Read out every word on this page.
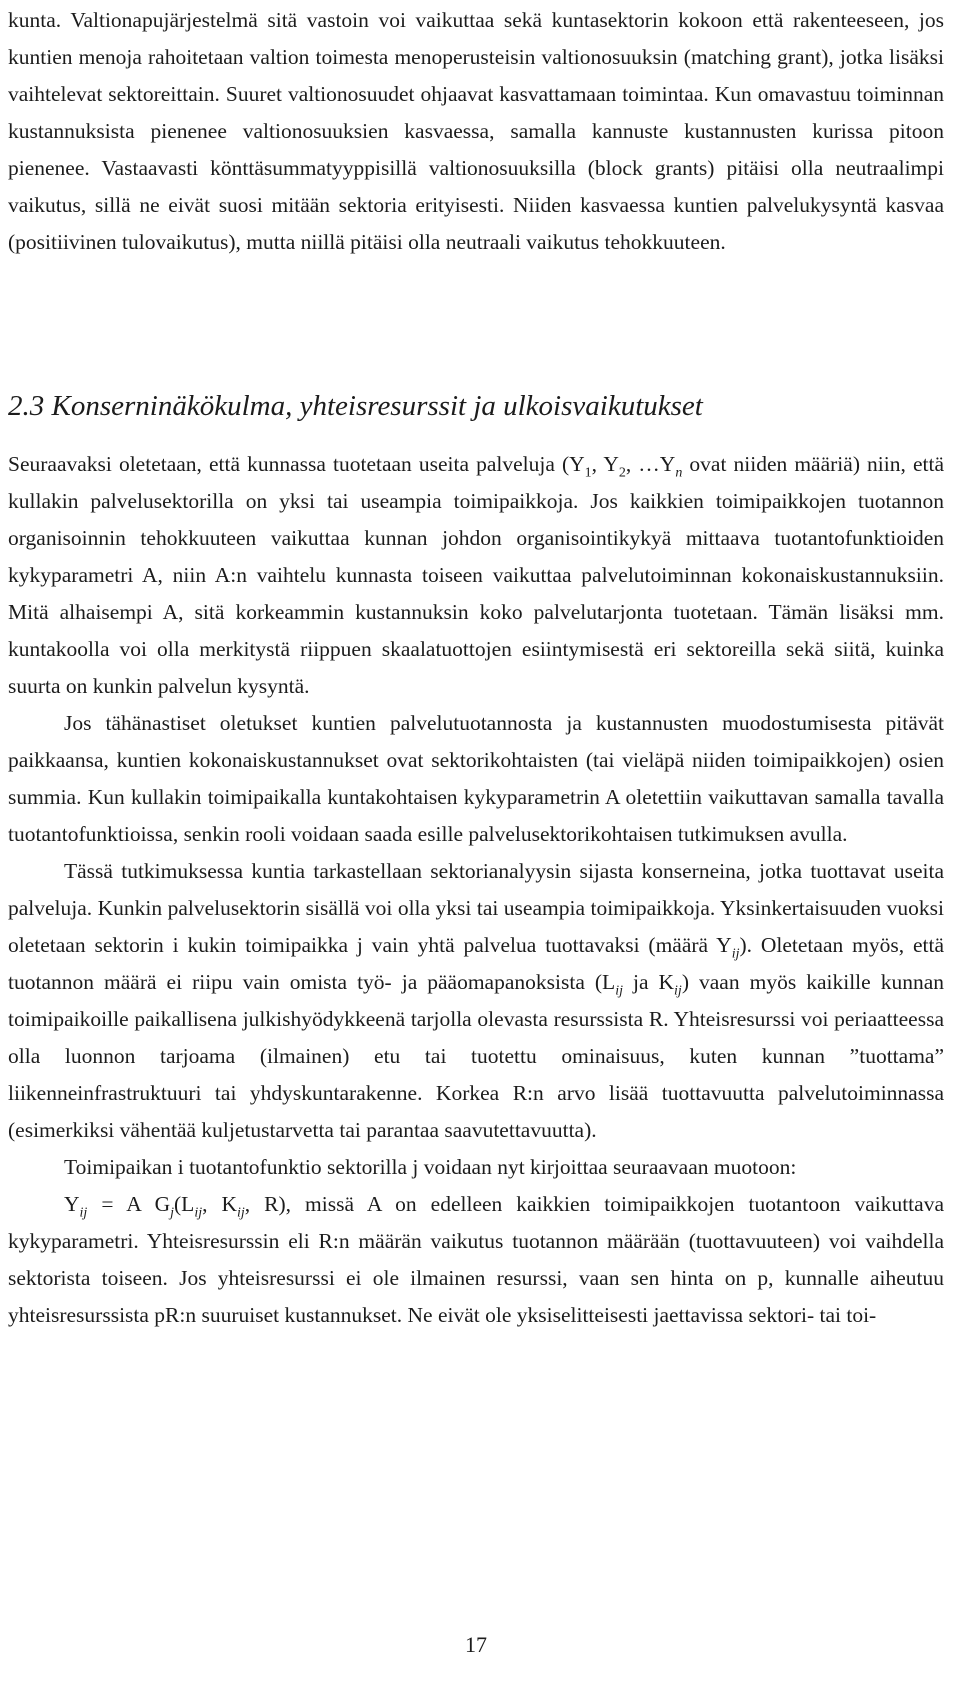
kunta. Valtionapujärjestelmä sitä vastoin voi vaikuttaa sekä kuntasektorin kokoon että rakenteeseen, jos kuntien menoja rahoitetaan valtion toimesta menoperusteisin valtionosuuksin (matching grant), jotka lisäksi vaihtelevat sektoreittain. Suuret valtionosuudet ohjaavat kasvattamaan toimintaa. Kun omavastuu toiminnan kustannuksista pienenee valtionosuuksien kasvaessa, samalla kannuste kustannusten kurissa pitoon pienenee. Vastaavasti könttäsummatyyppisillä valtionosuuksilla (block grants) pitäisi olla neutraalimpi vaikutus, sillä ne eivät suosi mitään sektoria erityisesti. Niiden kasvaessa kuntien palvelukysyntä kasvaa (positiivinen tulovaikutus), mutta niillä pitäisi olla neutraali vaikutus tehokkuuteen.

2.3 Konserninäkökulma, yhteisresurssit ja ulkoisvaikutukset

Seuraavaksi oletetaan, että kunnassa tuotetaan useita palveluja ($Y_1$, $Y_2$, $\dots Y_n$ ovat niiden määriä) niin, että kullakin palvelusektorilla on yksi tai useampia toimipaikkoja. Jos kaikkien toimipaikkojen tuotannon organisoinnin tehokkuuteen vaikuttaa kunnan johdon organisointikykyä mittaava tuotantofunktioiden kykyparametri A, niin A:n vaihtelu kunnasta toiseen vaikuttaa palvelutoiminnan kokonaiskustannuksiin. Mitä alhaisempi A, sitä korkeammin kustannuksin koko palvelutarjonta tuotetaan. Tämän lisäksi mm. kuntakoolla voi olla merkitystä riippuen skaalatuottojen esiintymisestä eri sektoreilla sekä siitä, kuinka suurta on kunkin palvelun kysyntä.

Jos tähänastiset oletukset kuntien palvelutuotannosta ja kustannusten muodostumisesta pitävät paikkaansa, kuntien kokonaiskustannukset ovat sektorikohtaisten (tai vieläpä niiden toimipaikkojen) osien summia. Kun kullakin toimipaikalla kuntakohtaisen kykyparametrin A oletettiin vaikuttavan samalla tavalla tuotantofunktioissa, senkin rooli voidaan saada esille palvelusektorikohtaisen tutkimuksen avulla.

Tässä tutkimuksessa kuntia tarkastellaan sektorianalyysin sijasta konserneina, jotka tuottavat useita palveluja. Kunkin palvelusektorin sisällä voi olla yksi tai useampia toimipaikkoja. Yksinkertaisuuden vuoksi oletetaan sektorin i kukin toimipaikka j vain yhtä palvelua tuottavaksi (määrä $Y_{ij}$). Oletetaan myös, että tuotannon määrä ei riipu vain omista työ- ja pääomapanoksista ($L_{ij}$ ja $K_{ij}$) vaan myös kaikille kunnan toimipaikoille paikallisena julkishyödykkeenä tarjolla olevasta resurssista R. Yhteisresurssi voi periaatteessa olla luonnon tarjoama (ilmainen) etu tai tuotettu ominaisuus, kuten kunnan ”tuottama” liikenneinfrastruktuuri tai yhdyskuntarakenne. Korkea R:n arvo lisää tuottavuutta palvelutoiminnassa (esimerkiksi vähentää kuljetustarvetta tai parantaa saavutettavuutta).

Toimipaikan i tuotantofunktio sektorilla j voidaan nyt kirjoittaa seuraavaan muotoon:

$Y_{ij} = A$ $G_j(L_{ij}$, $K_{ij}$, R), missä A on edelleen kaikkien toimipaikkojen tuotantoon vaikuttava kykyparametri. Yhteisresurssin eli R:n määrän vaikutus tuotannon määrään (tuottavuuteen) voi vaihdella sektorista toiseen. Jos yhteisresurssi ei ole ilmainen resurssi, vaan sen hinta on p, kunnalle aiheutuu yhteisresurssista pR:n suuruiset kustannukset. Ne eivät ole yksiselitteisesti jaettavissa sektori- tai toi-

17
